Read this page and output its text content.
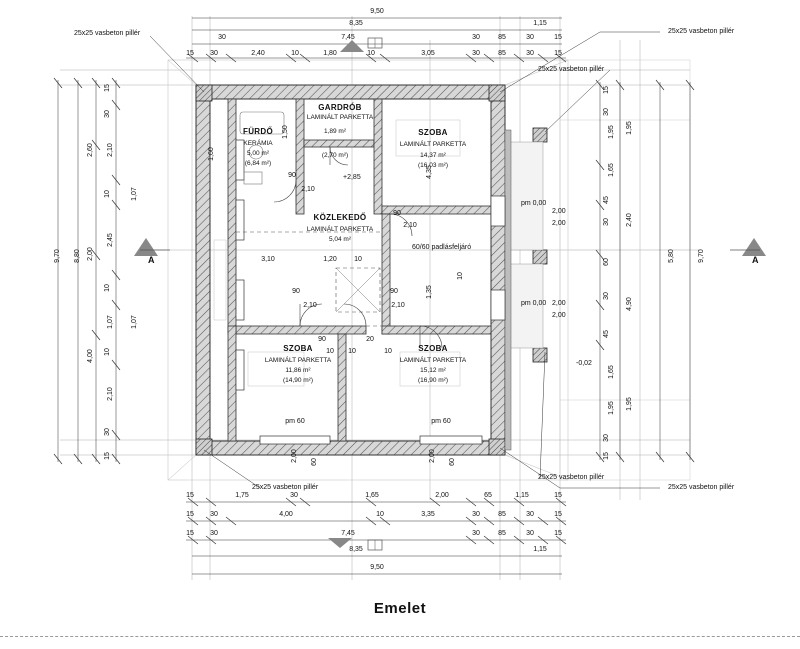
FÜRDŐ
KERÁMIA
5,00 m²
(6,84 m²)
GARDRÓB
LAMINÁLT PARKETTA
1,89 m²
(2,70 m²)
SZOBA
LAMINÁLT PARKETTA
14,37 m²
(16,03 m²)
KÖZLEKEDŐ
LAMINÁLT PARKETTA
5,04 m²
SZOBA
LAMINÁLT PARKETTA
11,86 m²
(14,90 m²)
SZOBA
LAMINÁLT PARKETTA
15,12 m²
(16,90 m²)
25x25 vasbeton pillér	25x25 vasbeton pillér
25x25 vasbeton pillér
25x25 vasbeton pillér
25x25 vasbeton pillér
25x25 vasbeton pillér
60/60 padlásfeljáró
+2,85
-0,02
pm 60	pm 60
pm 0,00
pm 0,00
A	A
9,50
8,35	1,15
30	7,45	30	85	30	15
15 30	2,40	10	1,80	10	3,05	30	85	30	15
15	1,75	30	1,65	2,00	65	1,15	15
15 30	4,00	10	3,35	30	85	30	15
15 30	7,45	30	85	30	15
8,35	1,15
9,50
9,70 8,80
2,60
2,00
4,00
15
30
2,10
10
2,45
10
1,07
10
2,10
30
15
1,07
1,07
9,70
5,80
1,95
2,40
4,90
1,95
15
30
1,95
1,65
45
30
60
30
45
1,65
1,95
30
15
2,00
2,00
2,00
2,00
1,50
1,60
90
2,10
90
2,10
3,10	1,20 10
90
2,10
90
2,10
1,35
4,35
10
20
10	10
90
10
2,00 60	2,00 60
Emelet
